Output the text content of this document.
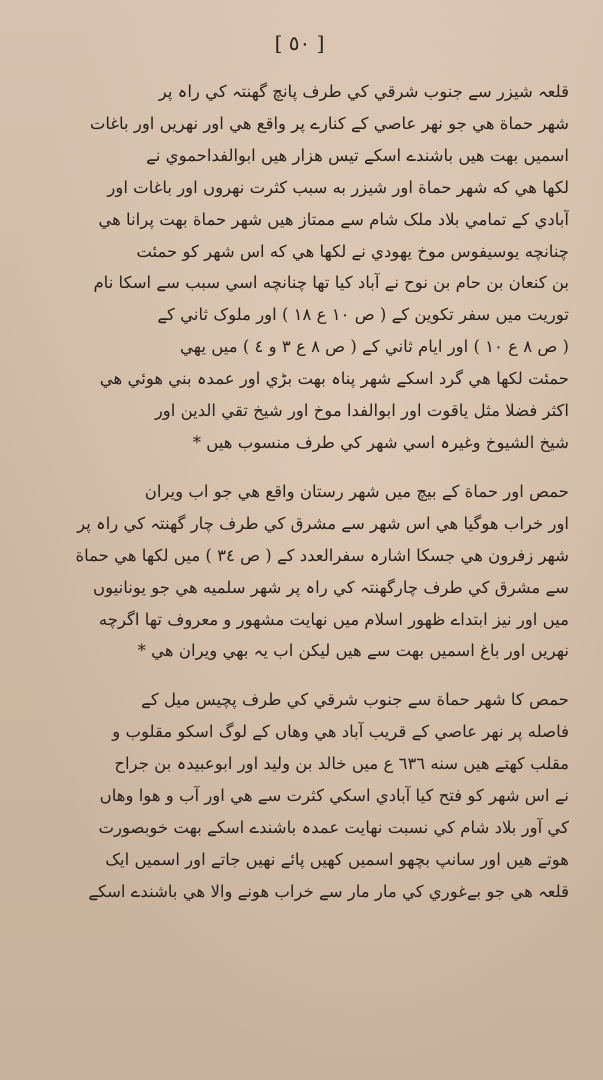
[ ٥٠ ]
قلعہ شیزر سے جنوب شرقي کي طرف پانچ گهنتہ کي راہ پر
شهر حماة هي جو نهر عاصي کے کنارے پر واقع هي اور نهريں اور باغات
اسميں بهت هيں باشندے اسکے تيس هزار هيں ابوالفداحموي نے
لکها هي که شهر حماة اور شيزر به سبب کثرت نهروں اور باغات اور
آبادي کے تمامي بلاد ملک شام سے ممتاز هيں شهر حماة بهت پرانا هي
چنانچه يوسيفوس موخ يهودي نے لکها هي که اس شهر کو حمئت
بن کنعان بن حام بن نوح نے آباد کيا تها چنانچه اسي سبب سے اسکا نام
توريت ميں سفر تکوين کے ( ص ١٠ ع ١٨ ) اور ملوک ثاني کے
( ص ٨ ع ١٠ ) اور ايام ثاني کے ( ص ٨ ع ٣ و ٤ ) ميں يهي
حمئت لکها هي گرد اسکے شهر پناہ بهت بڑي اور عمدہ بني هوئي هي
اکثر فضلا مثل ياقوت اور ابوالفدا موخ اور شيخ تقي الدين اور
شيخ الشيوخ وغيرہ اسي شهر کي طرف منسوب هيں *
حمص اور حماة کے بيچ ميں شهر رستان واقع هي جو اب ويران
اور خراب هوگيا هي اس شهر سے مشرق کي طرف چار گهنتہ کي راہ پر
شهر زفرون هي جسکا اشارہ سفرالعدد کے ( ص ٣٤ ) ميں لکها هي حماة
سے مشرق کي طرف چارگهنتہ کي راہ پر شهر سلميه هي جو يونانيوں
ميں اور نيز ابتداے ظهور اسلام ميں نهايت مشهور و معروف تها اگرچه
نهريں اور باغ اسميں بهت سے هيں ليکن اب يہ بهي ويران هي *
حمص کا شهر حماة سے جنوب شرقي کي طرف پچيس ميل کے
فاصله پر نهر عاصي کے قريب آباد هي وهاں کے لوگ اسکو مقلوب و
مقلب کهتے هيں سنه ٦٣٦ ع ميں خالد بن وليد اور ابوعبيدہ بن جراح
نے اس شهر کو فتح کيا آبادي اسکي کثرت سے هي اور آب و هوا وهاں
کي آور بلاد شام کي نسبت نهايت عمدہ باشندے اسکے بهت خوبصورت
هوتے هيں اور سانپ بچهو اسميں کهيں پائے نهيں جاتے اور اسميں ايک
قلعہ هي جو بےغوري کي مار مار سے خراب هونے والا هي باشندے اسکے
